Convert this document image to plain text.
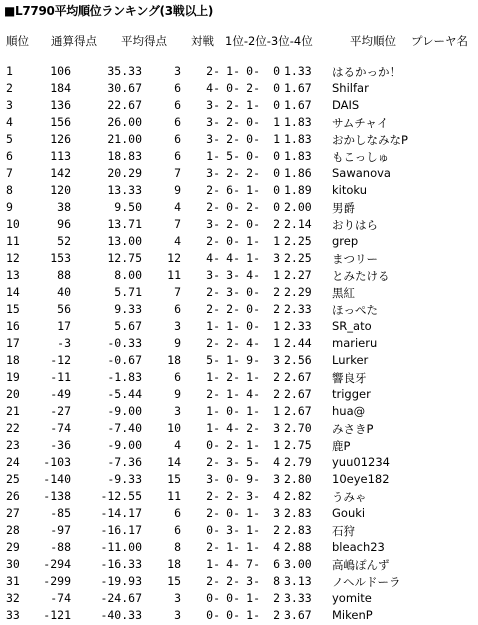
■L7790平均順位ランキング(3戦以上)
順位 通算得点 平均得点 対戦 1位-2位-3位-4位	平均順位 プレーヤ名
1	106	35.33	3 2- 1- 0- 0 1.33 はるかっか！
2	184	30.67	6 4- 0- 2- 0 1.67 Shilfar
3	136	22.67	6 3- 2- 1- 0 1.67 DAIS
4	156	26.00	6 3- 2- 0- 1 1.83 サムチャイ
5	126	21.00	6 3- 2- 0- 1 1.83 おかしなみなP
6	113	18.83	6 1- 5- 0- 0 1.83 もこっしゅ
7	142	20.29	7 3- 2- 2- 0 1.86 Sawanova
8	120	13.33	9 2- 6- 1- 0 1.89 kitoku
9	38	9.50	4 2- 0- 2- 0 2.00 男爵
10	96	13.71	7 3- 2- 0- 2 2.14 おりはら
11	52	13.00	4 2- 0- 1- 1 2.25 grep
12	153	12.75 12 4- 4- 1- 3 2.25 まつリー
13	88	8.00 11 3- 3- 4- 1 2.27 とみたける
14	40	5.71	7 2- 3- 0- 2 2.29 黒紅
15	56	9.33	6 2- 2- 0- 2 2.33 ほっぺた
16	17	5.67	3 1- 1- 0- 1 2.33 SR_ato
17	-3	-0.33	9 2- 2- 4- 1 2.44 marieru
18	-12	-0.67 18 5- 1- 9- 3 2.56 Lurker
19	-11	-1.83	6 1- 2- 1- 2 2.67 響良牙
20	-49	-5.44	9 2- 1- 4- 2 2.67 trigger
21	-27	-9.00	3 1- 0- 1- 1 2.67 hua@
22	-74	-7.40 10 1- 4- 2- 3 2.70 みさきP
23	-36	-9.00	4 0- 2- 1- 1 2.75 鹿P
24 -103	-7.36 14 2- 3- 5- 4 2.79 yuu01234
25 -140	-9.33 15 3- 0- 9- 3 2.80 10eye182
26 -138	-12.55 11 2- 2- 3- 4 2.82 うみゃ
27	-85	-14.17	6 2- 0- 1- 3 2.83 Gouki
28	-97	-16.17	6 0- 3- 1- 2 2.83 石狩
29	-88	-11.00	8 2- 1- 1- 4 2.88 bleach23
30 -294	-16.33 18 1- 4- 7- 6 3.00 高嶋ぽんず
31 -299	-19.93 15 2- 2- 3- 8 3.13 ノヘルドーラ
32	-74	-24.67	3 0- 0- 1- 2 3.33 yomite
33 -121	-40.33	3 0- 0- 1- 2 3.67 MikenP
